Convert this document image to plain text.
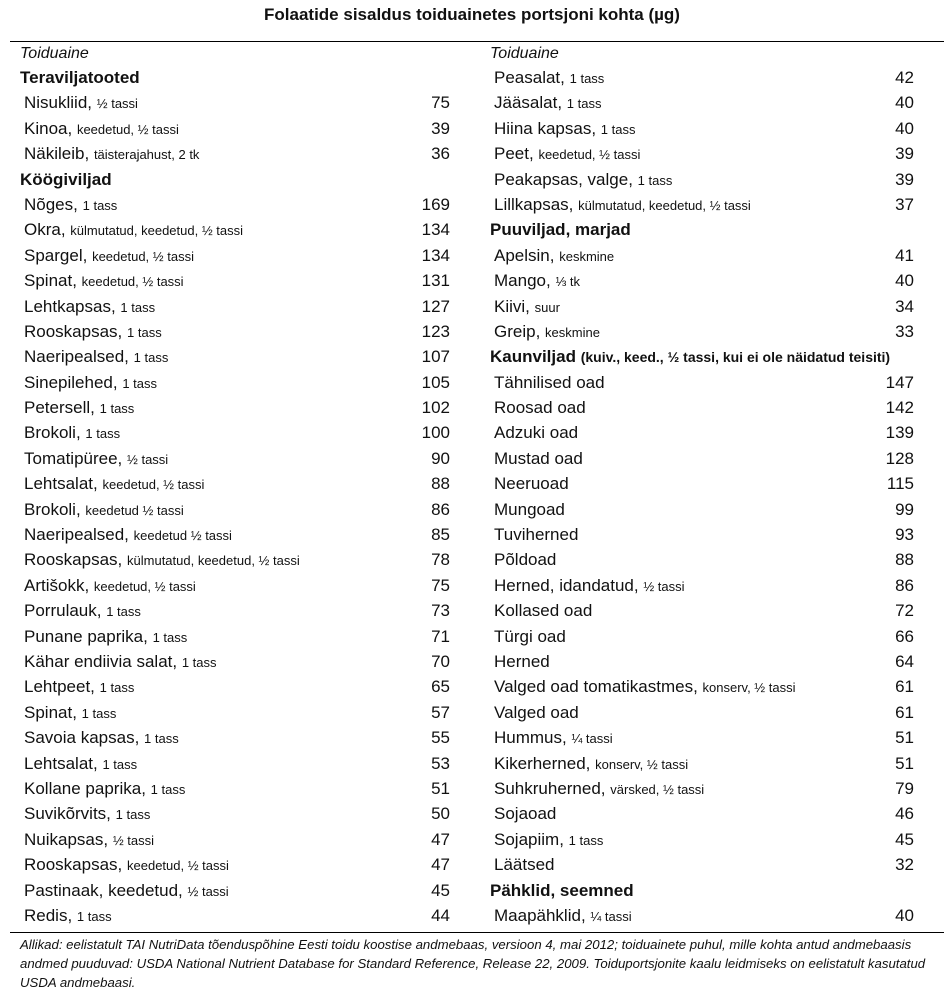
Folaatide sisaldus toiduainetes portsjoni kohta (µg)
Toiduaine
Teraviljatooted
Nisukliid, ½ tassi	75
Kinoa, keedetud, ½ tassi	39
Näkileib, täisterajahust, 2 tk	36
Köögiviljad
Nõges, 1 tass	169
Okra, külmutatud, keedetud, ½ tassi	134
Spargel, keedetud, ½ tassi	134
Spinat, keedetud, ½ tassi	131
Lehtkapsas, 1 tass	127
Rooskapsas, 1 tass	123
Naeripealsed, 1 tass	107
Sinepilehed, 1 tass	105
Petersell, 1 tass	102
Brokoli, 1 tass	100
Tomatipüree, ½ tassi	90
Lehtsalat, keedetud, ½ tassi	88
Brokoli, keedetud ½ tassi	86
Naeripealsed, keedetud ½ tassi	85
Rooskapsas, külmutatud, keedetud, ½ tassi	78
Artišokk, keedetud, ½ tassi	75
Porrulauk, 1 tass	73
Punane paprika, 1 tass	71
Kähar endiivia salat, 1 tass	70
Lehtpeet, 1 tass	65
Spinat, 1 tass	57
Savoia kapsas, 1 tass	55
Lehtsalat, 1 tass	53
Kollane paprika, 1 tass	51
Suvikõrvits, 1 tass	50
Nuikapsas, ½ tassi	47
Rooskapsas, keedetud, ½ tassi	47
Pastinaak, keedetud, ½ tassi	45
Redis, 1 tass	44
Toiduaine
Peasalat, 1 tass	42
Jääsalat, 1 tass	40
Hiina kapsas, 1 tass	40
Peet, keedetud, ½ tassi	39
Peakapsas, valge, 1 tass	39
Lillkapsas, külmutatud, keedetud, ½ tassi	37
Puuviljad, marjad
Apelsin, keskmine	41
Mango, ⅓ tk	40
Kiivi, suur	34
Greip, keskmine	33
Kaunviljad (kuiv., keed., ½ tassi, kui ei ole näidatud teisiti)
Tähnilised oad	147
Roosad oad	142
Adzuki oad	139
Mustad oad	128
Neeruoad	115
Mungoad	99
Tuviherned	93
Põldoad	88
Herned, idandatud, ½ tassi	86
Kollased oad	72
Türgi oad	66
Herned	64
Valged oad tomatikastmes, konserv, ½ tassi	61
Valged oad	61
Hummus, ¼ tassi	51
Kikerherned, konserv, ½ tassi	51
Suhkruherned, värsked, ½ tassi	79
Sojaoad	46
Sojapiim, 1 tass	45
Läätsed	32
Pähklid, seemned
Maapähklid, ¼ tassi	40
Allikad: eelistatult TAI NutriData tõenduspõhine Eesti toidu koostise andmebaas, versioon 4, mai 2012; toiduainete puhul, mille kohta antud andmebaasis andmed puuduvad: USDA National Nutrient Database for Standard Reference, Release 22, 2009. Toiduportsjonite kaalu leidmiseks on eelistatult kasutatud USDA andmebaasi.
